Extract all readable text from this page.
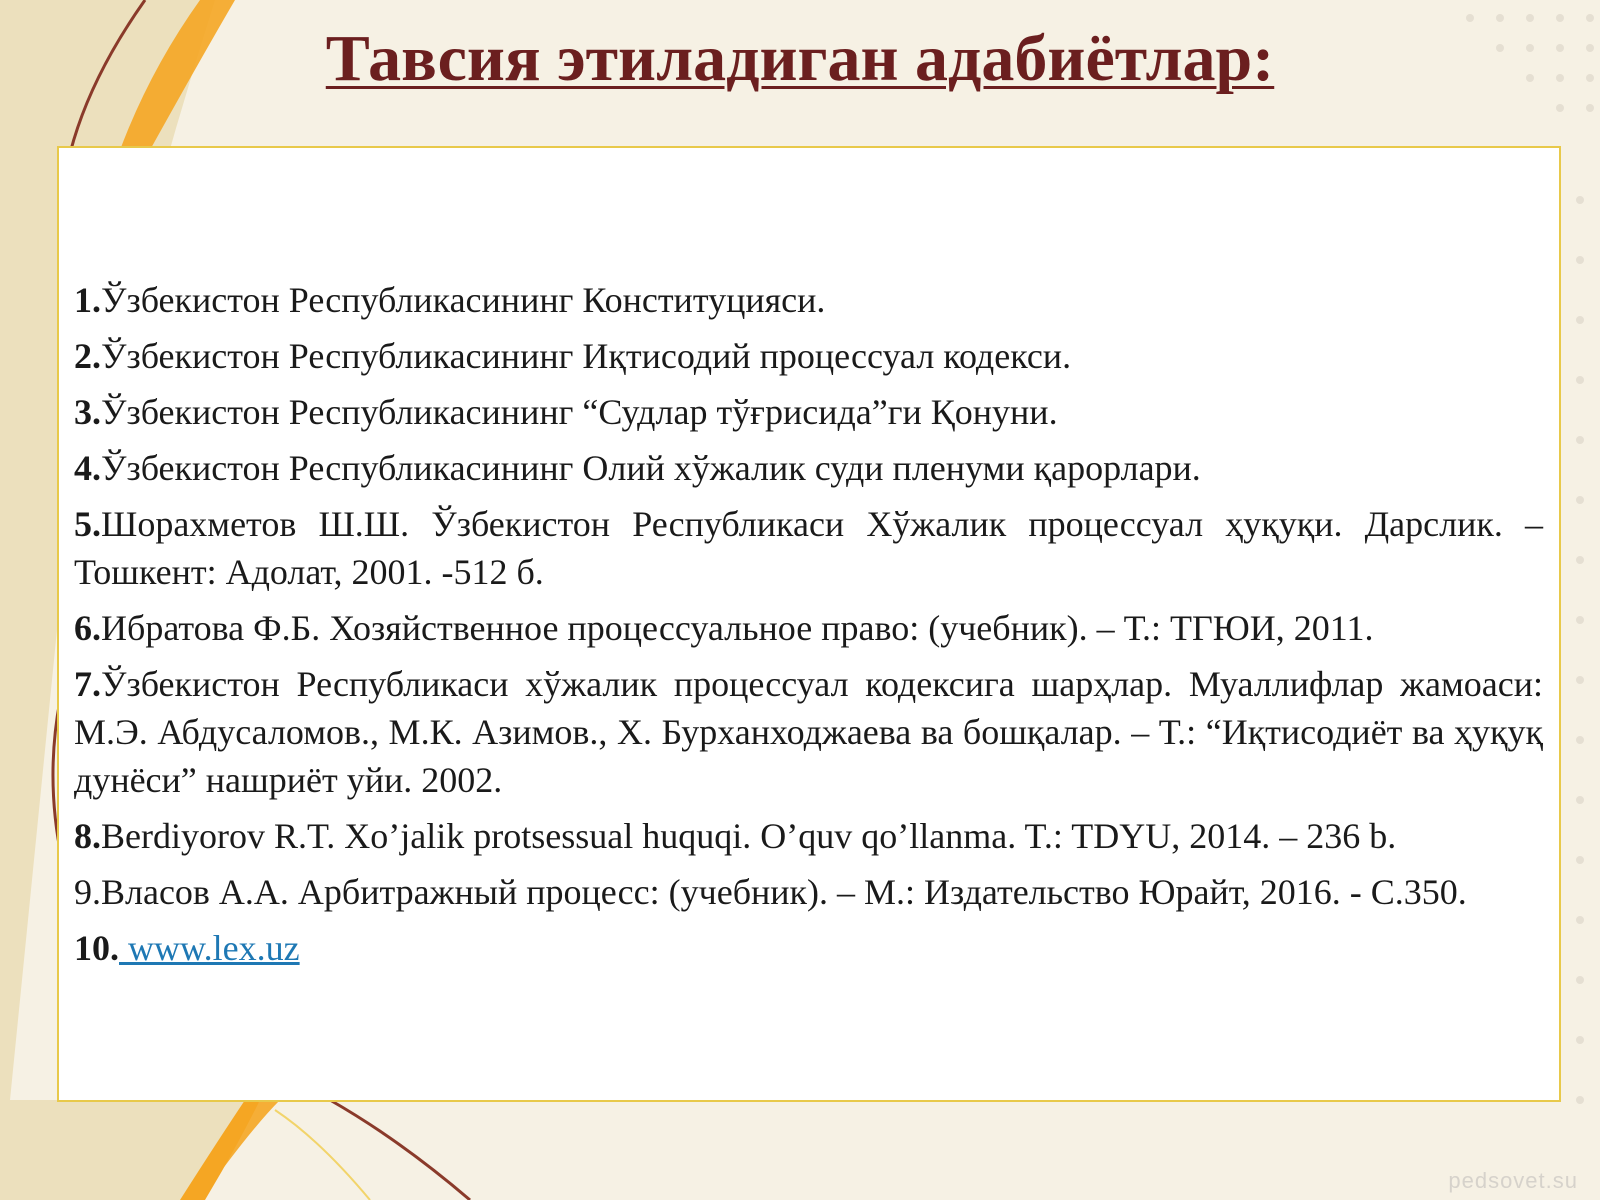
Тавсия этиладиган адабиётлар:
1.Ўзбекистон Республикасининг Конституцияси.
2.Ўзбекистон Республикасининг Иқтисодий процессуал кодекси.
3.Ўзбекистон Республикасининг “Судлар тўғрисида”ги Қонуни.
4.Ўзбекистон Республикасининг Олий хўжалик суди пленуми қарорлари.
5.Шорахметов Ш.Ш. Ўзбекистон Республикаси Хўжалик процессуал ҳуқуқи. Дарслик. – Тошкент: Адолат, 2001. -512 б.
6.Ибратова Ф.Б. Хозяйственное процессуальное право: (учебник). – Т.: ТГЮИ, 2011.
7.Ўзбекистон Республикаси хўжалик процессуал кодексига шарҳлар. Муаллифлар жамоаси: М.Э. Абдусаломов., М.К. Азимов., Х. Бурханходжаева ва бошқалар. – Т.: “Иқтисодиёт ва ҳуқуқ дунёси” нашриёт уйи. 2002.
8.Berdiyorov R.T. Xo’jalik protsessual huquqi. O’quv qo’llanma. T.: TDYU, 2014. – 236 b.
9.Власов А.А. Арбитражный процесс: (учебник). – М.: Издательство Юрайт, 2016. - С.350.
10. www.lex.uz
pedsovet.su
